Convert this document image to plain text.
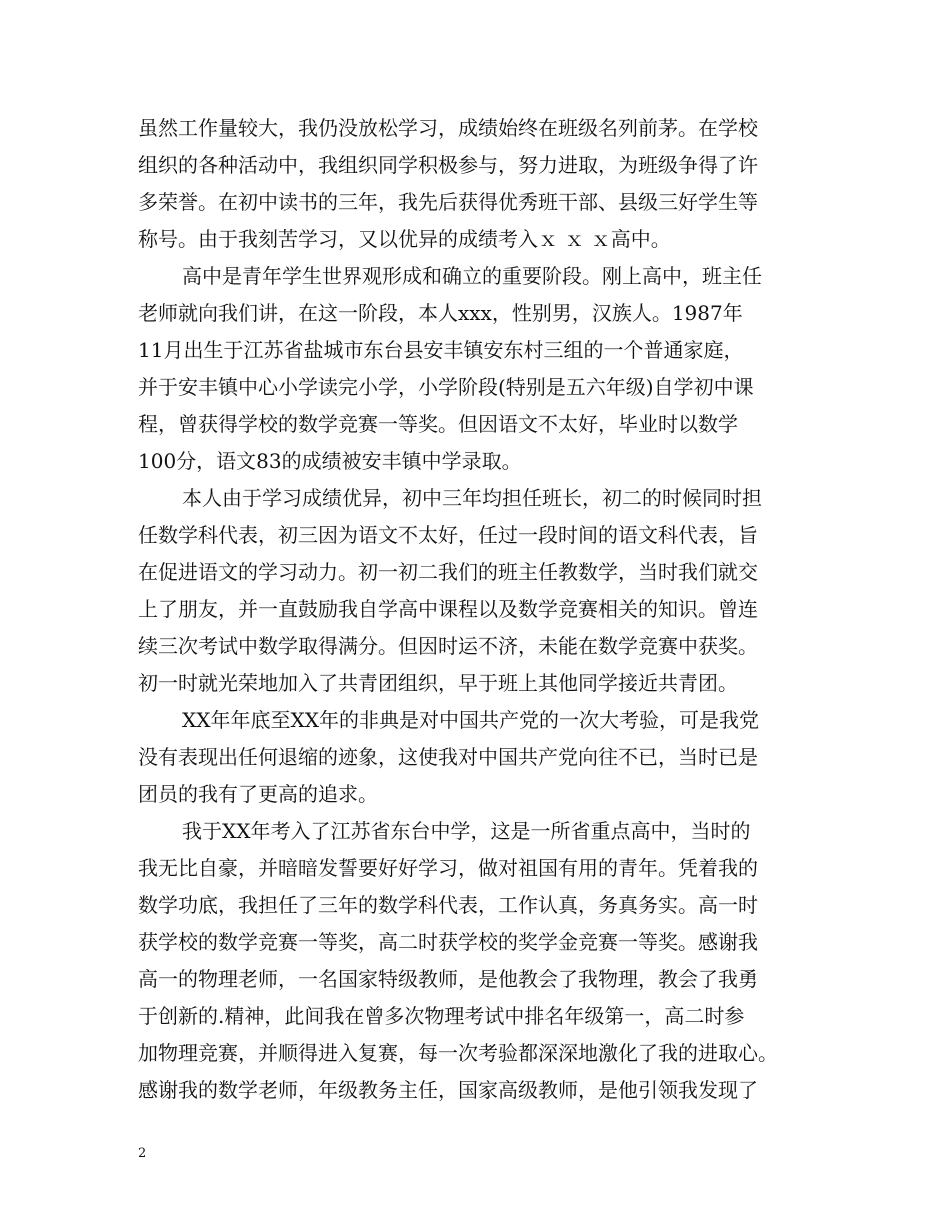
虽然工作量较大，我仍没放松学习，成绩始终在班级名列前茅。在学校
组织的各种活动中，我组织同学积极参与，努力进取，为班级争得了许
多荣誉。在初中读书的三年，我先后获得优秀班干部、县级三好学生等
称号。由于我刻苦学习，又以优异的成绩考入ｘ ｘ ｘ高中。
高中是青年学生世界观形成和确立的重要阶段。刚上高中，班主任
老师就向我们讲，在这一阶段，本人xxx，性别男，汉族人。1987年
11月出生于江苏省盐城市东台县安丰镇安东村三组的一个普通家庭，
并于安丰镇中心小学读完小学，小学阶段(特别是五六年级)自学初中课
程，曾获得学校的数学竞赛一等奖。但因语文不太好，毕业时以数学
100分，语文83的成绩被安丰镇中学录取。
本人由于学习成绩优异，初中三年均担任班长，初二的时候同时担
任数学科代表，初三因为语文不太好，任过一段时间的语文科代表，旨
在促进语文的学习动力。初一初二我们的班主任教数学，当时我们就交
上了朋友，并一直鼓励我自学高中课程以及数学竞赛相关的知识。曾连
续三次考试中数学取得满分。但因时运不济，未能在数学竞赛中获奖。
初一时就光荣地加入了共青团组织，早于班上其他同学接近共青团。
XX年年底至XX年的非典是对中国共产党的一次大考验，可是我党
没有表现出任何退缩的迹象，这使我对中国共产党向往不已，当时已是
团员的我有了更高的追求。
我于XX年考入了江苏省东台中学，这是一所省重点高中，当时的
我无比自豪，并暗暗发誓要好好学习，做对祖国有用的青年。凭着我的
数学功底，我担任了三年的数学科代表，工作认真，务真务实。高一时
获学校的数学竞赛一等奖，高二时获学校的奖学金竞赛一等奖。感谢我
高一的物理老师，一名国家特级教师，是他教会了我物理，教会了我勇
于创新的.精神，此间我在曾多次物理考试中排名年级第一，高二时参
加物理竞赛，并顺得进入复赛，每一次考验都深深地激化了我的进取心。
感谢我的数学老师，年级教务主任，国家高级教师，是他引领我发现了
2
